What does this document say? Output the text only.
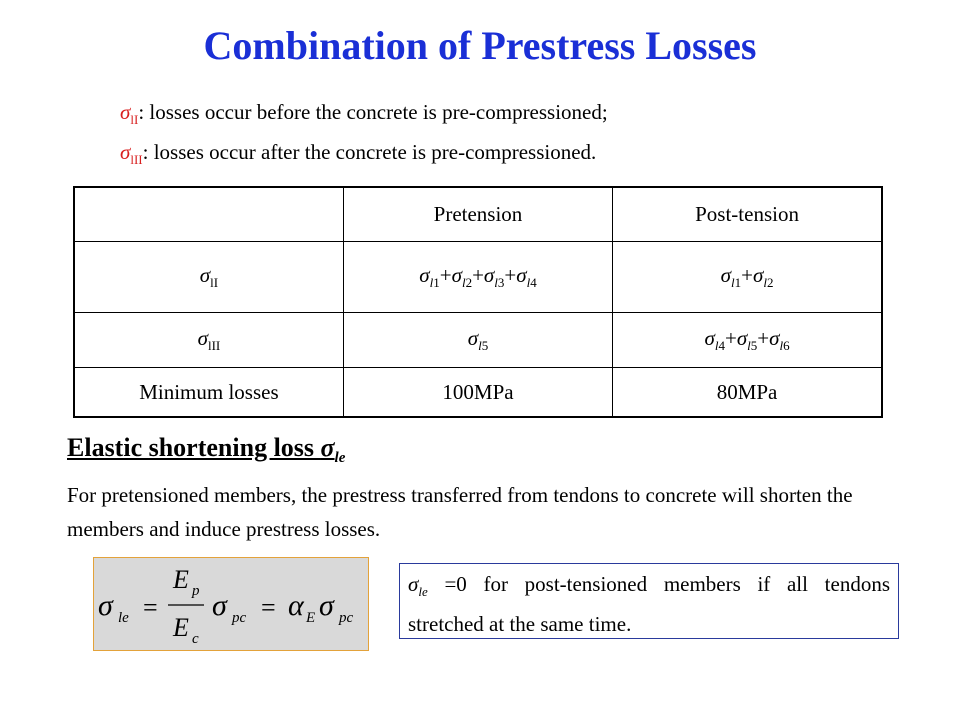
Combination of Prestress Losses
$\sigma_{lI}$: losses occur before the concrete is pre-compressioned;
$\sigma_{lII}$: losses occur after the concrete is pre-compressioned.
	Pretension	Post-tension
$\sigma_{lI}$	$\sigma_{l1}+\sigma_{l2}+\sigma_{l3}+\sigma_{l4}$	$\sigma_{l1}+\sigma_{l2}$
$\sigma_{lII}$	$\sigma_{l5}$	$\sigma_{l4}+\sigma_{l5}+\sigma_{l6}$
Minimum losses	100MPa	80MPa
Elastic shortening loss $\sigma_{le}$
For pretensioned members, the prestress transferred from tendons to concrete will shorten the members and induce prestress losses.
σ le =
E p
E c
σ pc = α E σ pc
$\sigma_{le} =0$ for post-tensioned members if all tendons stretched at the same time.
